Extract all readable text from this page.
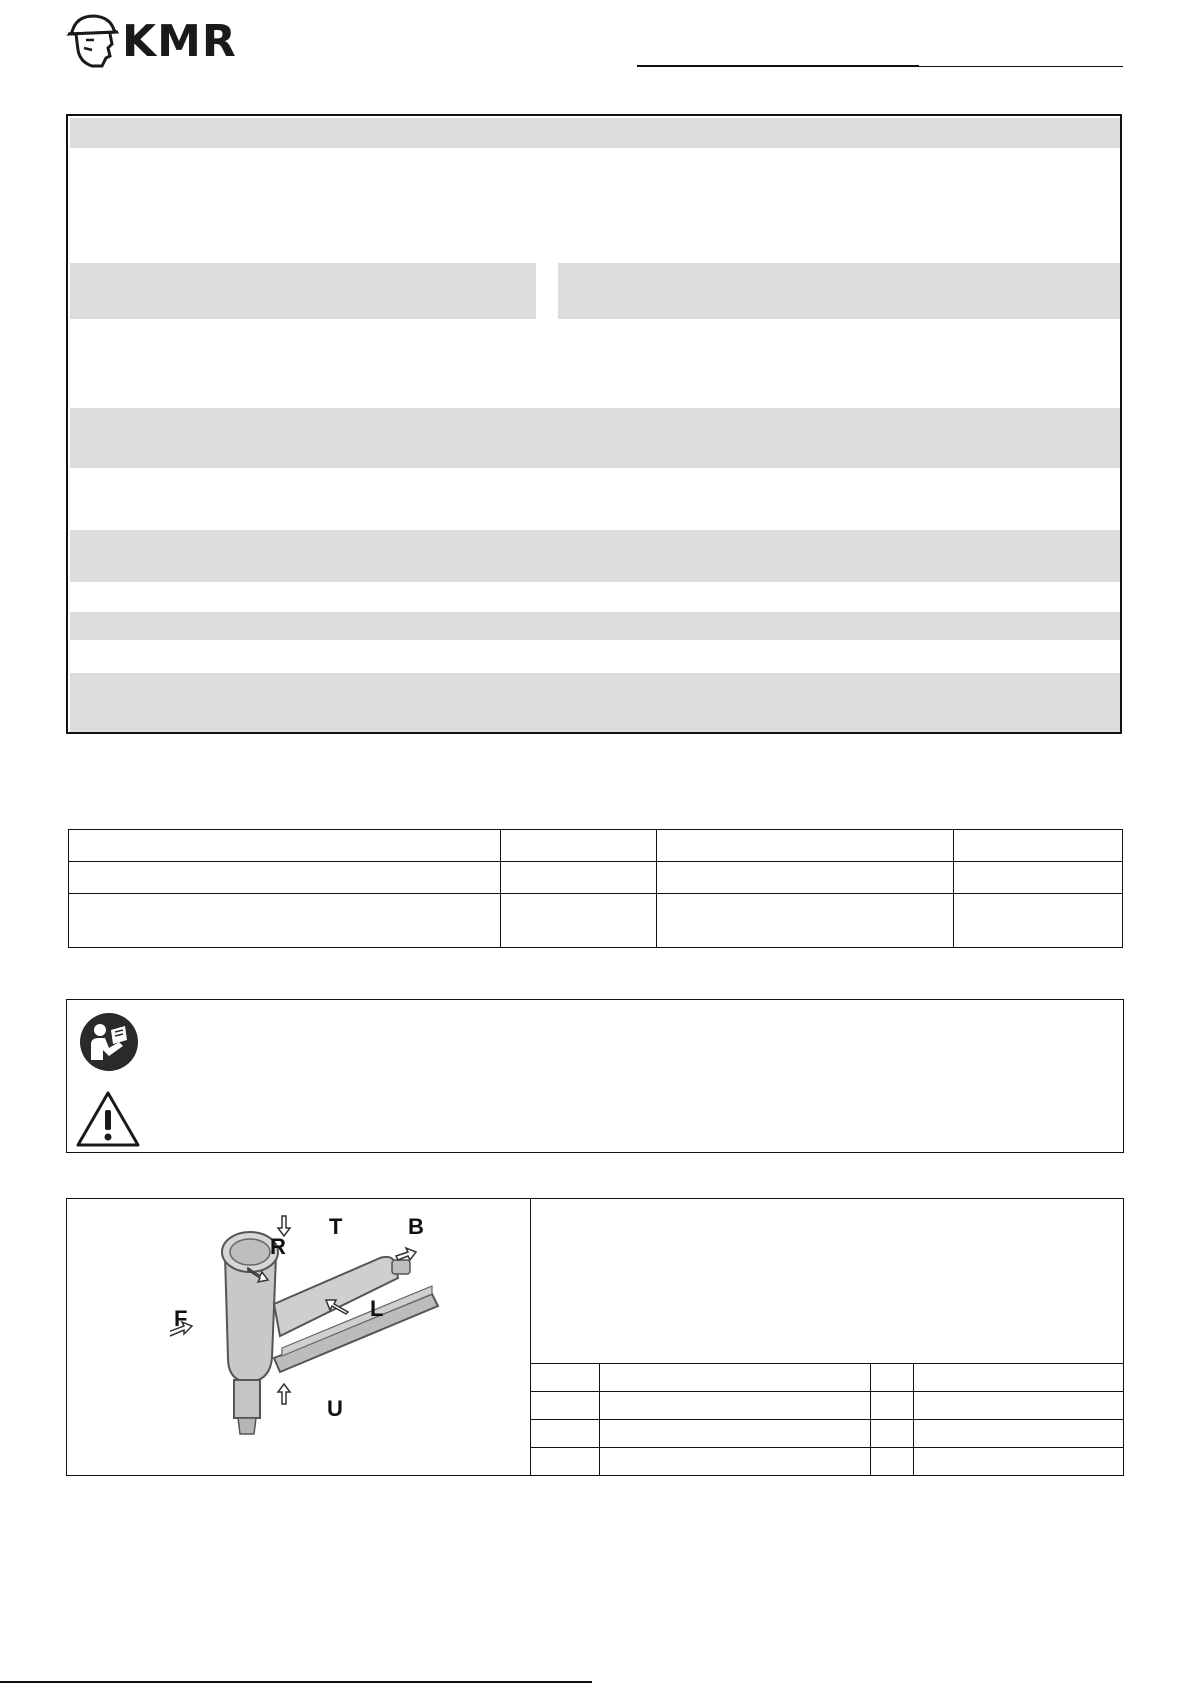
KMR

T	B
R
L
F
U
